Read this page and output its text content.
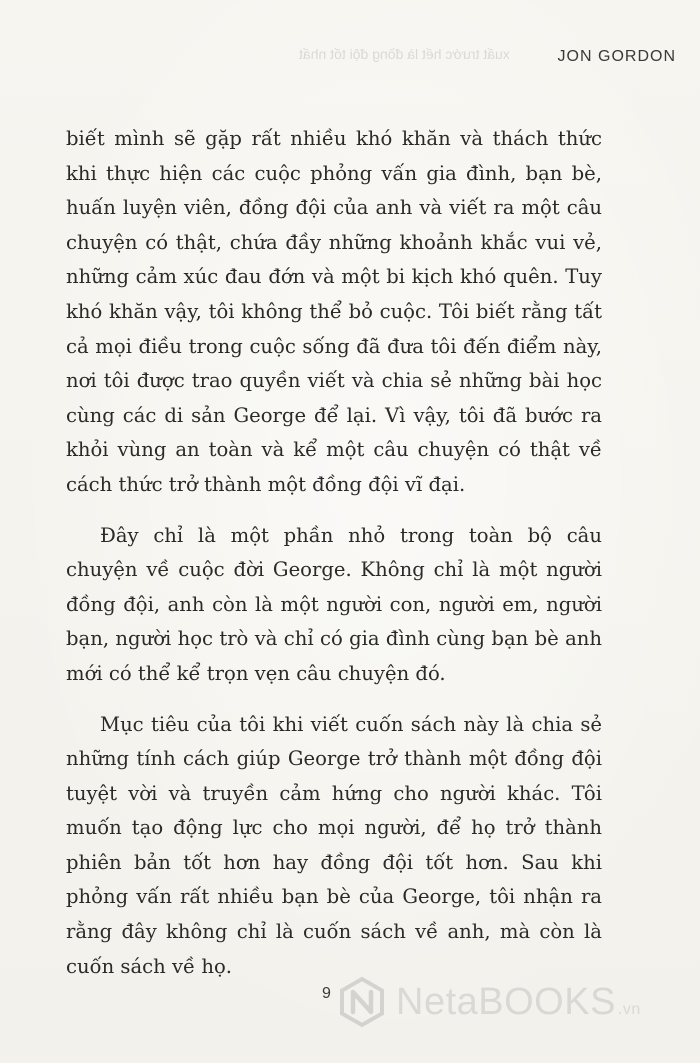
xuất trước hết là đồng đội tốt nhất	JON GORDON

biết mình sẽ gặp rất nhiều khó khăn và thách thức khi thực hiện các cuộc phỏng vấn gia đình, bạn bè, huấn luyện viên, đồng đội của anh và viết ra một câu chuyện có thật, chứa đầy những khoảnh khắc vui vẻ, những cảm xúc đau đớn và một bi kịch khó quên. Tuy khó khăn vậy, tôi không thể bỏ cuộc. Tôi biết rằng tất cả mọi điều trong cuộc sống đã đưa tôi đến điểm này, nơi tôi được trao quyền viết và chia sẻ những bài học cùng các di sản George để lại. Vì vậy, tôi đã bước ra khỏi vùng an toàn và kể một câu chuyện có thật về cách thức trở thành một đồng đội vĩ đại.

Đây chỉ là một phần nhỏ trong toàn bộ câu chuyện về cuộc đời George. Không chỉ là một người đồng đội, anh còn là một người con, người em, người bạn, người học trò và chỉ có gia đình cùng bạn bè anh mới có thể kể trọn vẹn câu chuyện đó.

Mục tiêu của tôi khi viết cuốn sách này là chia sẻ những tính cách giúp George trở thành một đồng đội tuyệt vời và truyền cảm hứng cho người khác. Tôi muốn tạo động lực cho mọi người, để họ trở thành phiên bản tốt hơn hay đồng đội tốt hơn. Sau khi phỏng vấn rất nhiều bạn bè của George, tôi nhận ra rằng đây không chỉ là cuốn sách về anh, mà còn là cuốn sách về họ.

9 NetaBOOKS .vn
